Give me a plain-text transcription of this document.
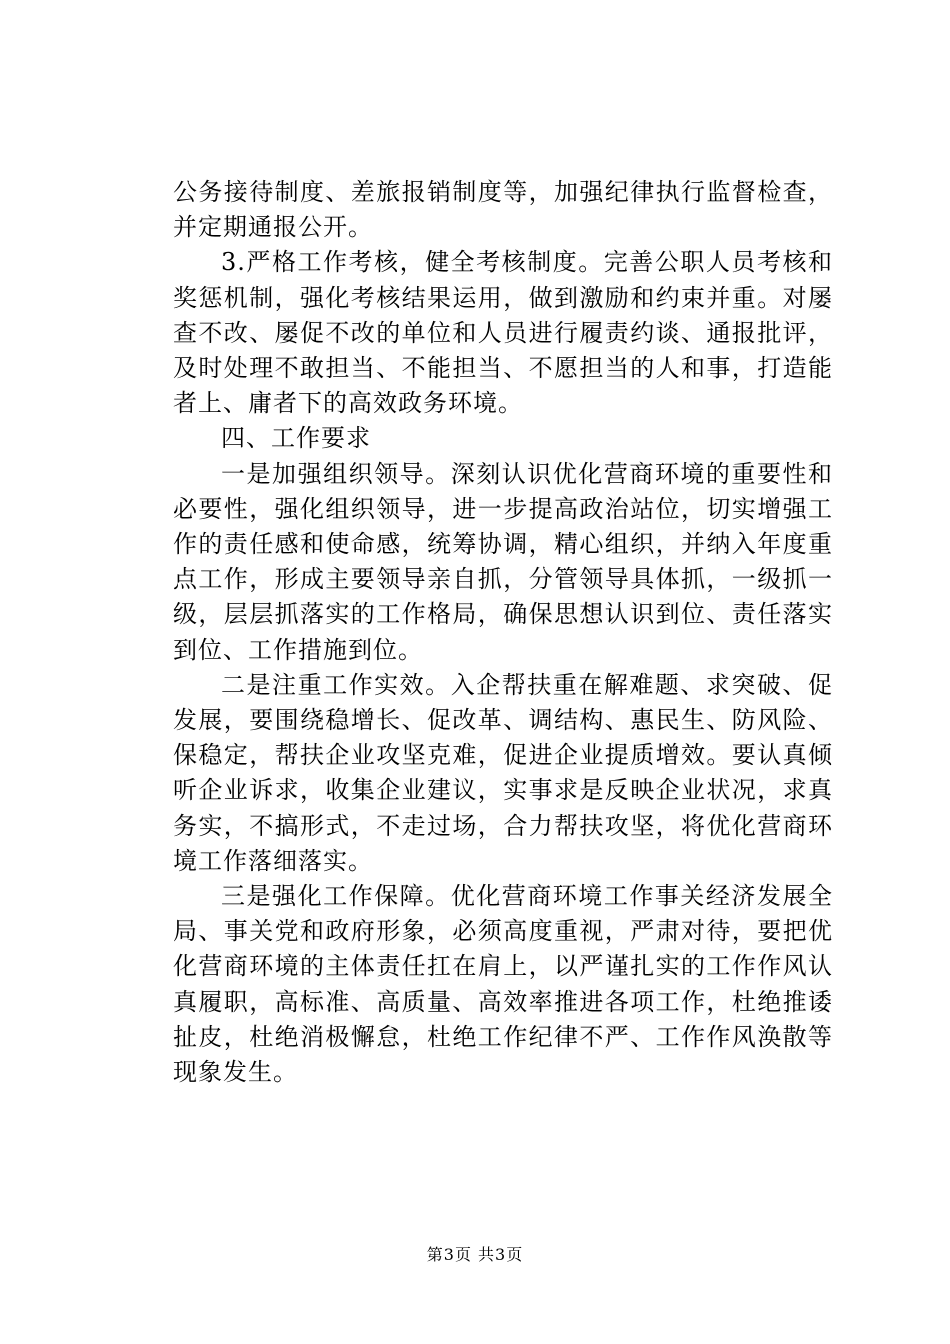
公务接待制度、差旅报销制度等，加强纪律执行监督检查，并定期通报公开。

3.严格工作考核，健全考核制度。完善公职人员考核和奖惩机制，强化考核结果运用，做到激励和约束并重。对屡查不改、屡促不改的单位和人员进行履责约谈、通报批评，及时处理不敢担当、不能担当、不愿担当的人和事，打造能者上、庸者下的高效政务环境。

四、工作要求

一是加强组织领导。深刻认识优化营商环境的重要性和必要性，强化组织领导，进一步提高政治站位，切实增强工作的责任感和使命感，统筹协调，精心组织，并纳入年度重点工作，形成主要领导亲自抓，分管领导具体抓，一级抓一级，层层抓落实的工作格局，确保思想认识到位、责任落实到位、工作措施到位。

二是注重工作实效。入企帮扶重在解难题、求突破、促发展，要围绕稳增长、促改革、调结构、惠民生、防风险、保稳定，帮扶企业攻坚克难，促进企业提质增效。要认真倾听企业诉求，收集企业建议，实事求是反映企业状况，求真务实，不搞形式，不走过场，合力帮扶攻坚，将优化营商环境工作落细落实。

三是强化工作保障。优化营商环境工作事关经济发展全局、事关党和政府形象，必须高度重视，严肃对待，要把优化营商环境的主体责任扛在肩上，以严谨扎实的工作作风认真履职，高标准、高质量、高效率推进各项工作，杜绝推诿扯皮，杜绝消极懈怠，杜绝工作纪律不严、工作作风涣散等现象发生。

第3页 共3页
